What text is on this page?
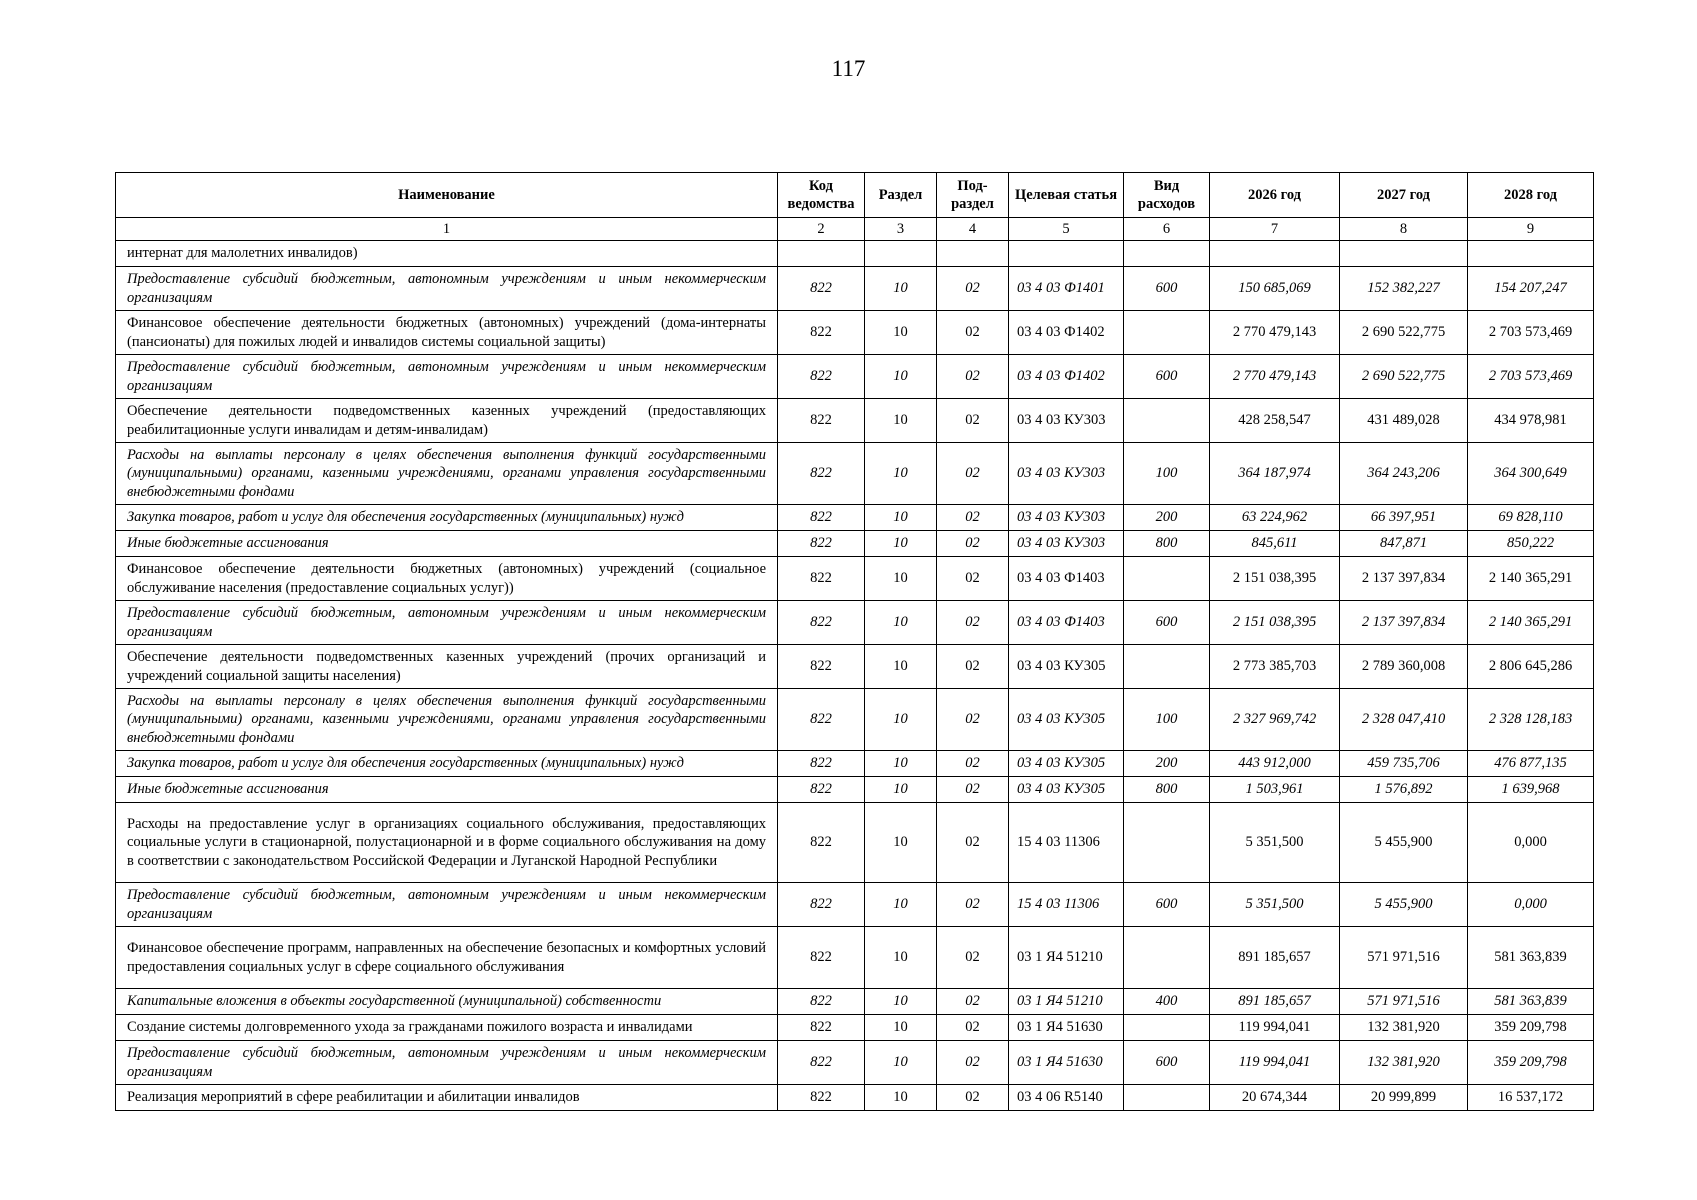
117
Наименование	Код ведомства	Раздел	Под-раздел	Целевая статья	Вид расходов	2026 год	2027 год	2028 год
1	2	3	4	5	6	7	8	9
интернат для малолетних инвалидов)								
Предоставление субсидий бюджетным, автономным учреждениям и иным некоммерческим организациям	822	10	02	03 4 03 Ф1401	600	150 685,069	152 382,227	154 207,247
Финансовое обеспечение деятельности бюджетных (автономных) учреждений (дома-интернаты (пансионаты) для пожилых людей и инвалидов системы социальной защиты)	822	10	02	03 4 03 Ф1402		2 770 479,143	2 690 522,775	2 703 573,469
Предоставление субсидий бюджетным, автономным учреждениям и иным некоммерческим организациям	822	10	02	03 4 03 Ф1402	600	2 770 479,143	2 690 522,775	2 703 573,469
Обеспечение деятельности подведомственных казенных учреждений (предоставляющих реабилитационные услуги инвалидам и детям-инвалидам)	822	10	02	03 4 03 КУ303		428 258,547	431 489,028	434 978,981
Расходы на выплаты персоналу в целях обеспечения выполнения функций государственными (муниципальными) органами, казенными учреждениями, органами управления государственными внебюджетными фондами	822	10	02	03 4 03 КУ303	100	364 187,974	364 243,206	364 300,649
Закупка товаров, работ и услуг для обеспечения государственных (муниципальных) нужд	822	10	02	03 4 03 КУ303	200	63 224,962	66 397,951	69 828,110
Иные бюджетные ассигнования	822	10	02	03 4 03 КУ303	800	845,611	847,871	850,222
Финансовое обеспечение деятельности бюджетных (автономных) учреждений (социальное обслуживание населения (предоставление социальных услуг))	822	10	02	03 4 03 Ф1403		2 151 038,395	2 137 397,834	2 140 365,291
Предоставление субсидий бюджетным, автономным учреждениям и иным некоммерческим организациям	822	10	02	03 4 03 Ф1403	600	2 151 038,395	2 137 397,834	2 140 365,291
Обеспечение деятельности подведомственных казенных учреждений (прочих организаций и учреждений социальной защиты населения)	822	10	02	03 4 03 КУ305		2 773 385,703	2 789 360,008	2 806 645,286
Расходы на выплаты персоналу в целях обеспечения выполнения функций государственными (муниципальными) органами, казенными учреждениями, органами управления государственными внебюджетными фондами	822	10	02	03 4 03 КУ305	100	2 327 969,742	2 328 047,410	2 328 128,183
Закупка товаров, работ и услуг для обеспечения государственных (муниципальных) нужд	822	10	02	03 4 03 КУ305	200	443 912,000	459 735,706	476 877,135
Иные бюджетные ассигнования	822	10	02	03 4 03 КУ305	800	1 503,961	1 576,892	1 639,968
Расходы на предоставление услуг в организациях социального обслуживания, предоставляющих социальные услуги в стационарной, полустационарной и в форме социального обслуживания на дому в соответствии с законодательством Российской Федерации и Луганской Народной Республики	822	10	02	15 4 03 11306		5 351,500	5 455,900	0,000
Предоставление субсидий бюджетным, автономным учреждениям и иным некоммерческим организациям	822	10	02	15 4 03 11306	600	5 351,500	5 455,900	0,000
Финансовое обеспечение программ, направленных на обеспечение безопасных и комфортных условий предоставления социальных услуг в сфере социального обслуживания	822	10	02	03 1 Я4 51210		891 185,657	571 971,516	581 363,839
Капитальные вложения в объекты государственной (муниципальной) собственности	822	10	02	03 1 Я4 51210	400	891 185,657	571 971,516	581 363,839
Создание системы долговременного ухода за гражданами пожилого возраста и инвалидами	822	10	02	03 1 Я4 51630		119 994,041	132 381,920	359 209,798
Предоставление субсидий бюджетным, автономным учреждениям и иным некоммерческим организациям	822	10	02	03 1 Я4 51630	600	119 994,041	132 381,920	359 209,798
Реализация мероприятий в сфере реабилитации и абилитации инвалидов	822	10	02	03 4 06 R5140		20 674,344	20 999,899	16 537,172
